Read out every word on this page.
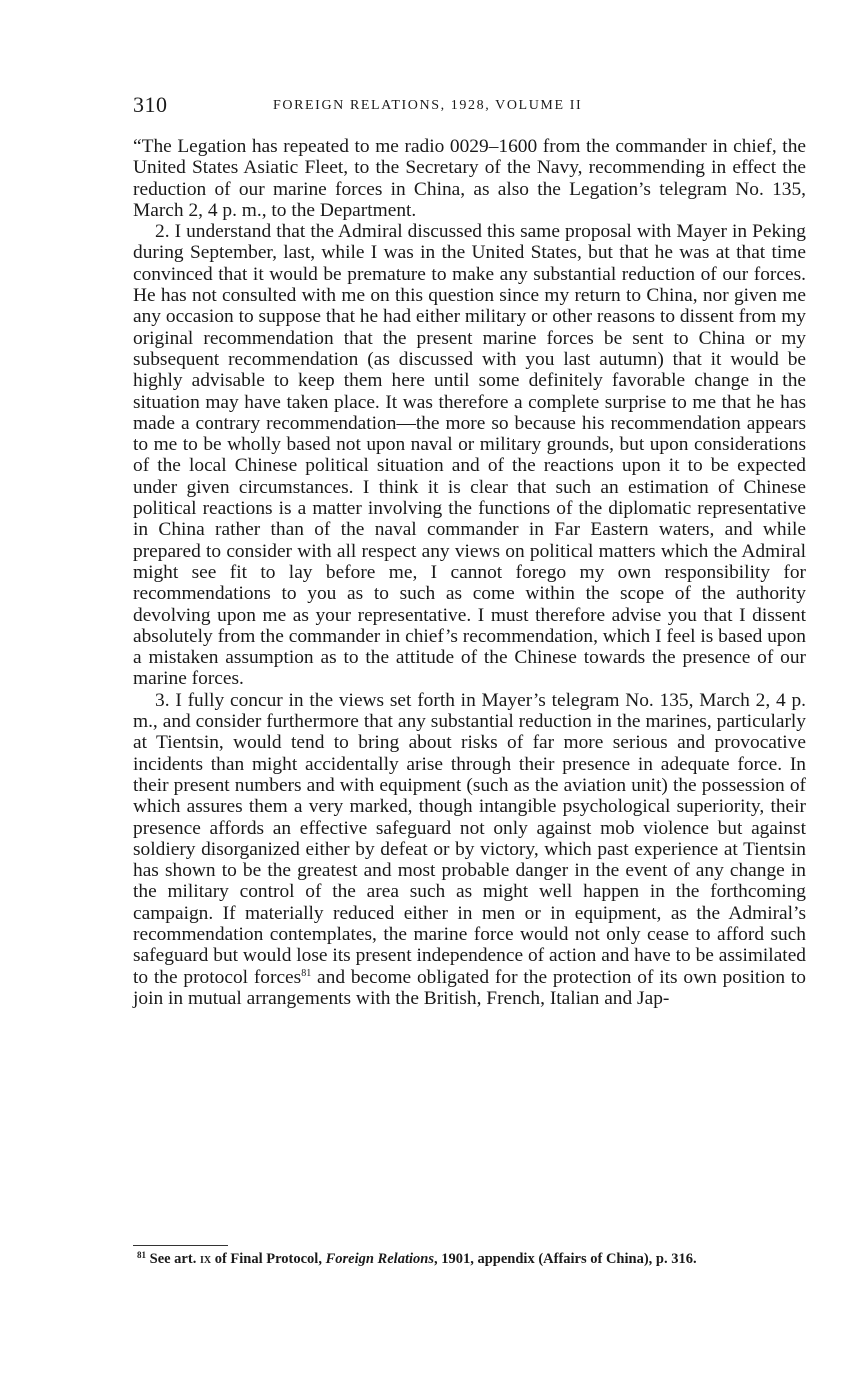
310	FOREIGN RELATIONS, 1928, VOLUME II

“The Legation has repeated to me radio 0029–1600 from the commander in chief, the United States Asiatic Fleet, to the Secretary of the Navy, recommending in effect the reduction of our marine forces in China, as also the Legation’s telegram No. 135, March 2, 4 p. m., to the Department.

2. I understand that the Admiral discussed this same proposal with Mayer in Peking during September, last, while I was in the United States, but that he was at that time convinced that it would be premature to make any substantial reduction of our forces. He has not consulted with me on this question since my return to China, nor given me any occasion to suppose that he had either military or other reasons to dissent from my original recommendation that the present marine forces be sent to China or my subsequent recommendation (as discussed with you last autumn) that it would be highly advisable to keep them here until some definitely favorable change in the situation may have taken place. It was therefore a complete surprise to me that he has made a contrary recommendation—the more so because his recommendation appears to me to be wholly based not upon naval or military grounds, but upon considerations of the local Chinese political situation and of the reactions upon it to be expected under given circumstances. I think it is clear that such an estimation of Chinese political reactions is a matter involving the functions of the diplomatic representative in China rather than of the naval commander in Far Eastern waters, and while prepared to consider with all respect any views on political matters which the Admiral might see fit to lay before me, I cannot forego my own responsibility for recommendations to you as to such as come within the scope of the authority devolving upon me as your representative. I must therefore advise you that I dissent absolutely from the commander in chief’s recommendation, which I feel is based upon a mistaken assumption as to the attitude of the Chinese towards the presence of our marine forces.

3. I fully concur in the views set forth in Mayer’s telegram No. 135, March 2, 4 p. m., and consider furthermore that any substantial reduction in the marines, particularly at Tientsin, would tend to bring about risks of far more serious and provocative incidents than might accidentally arise through their presence in adequate force. In their present numbers and with equipment (such as the aviation unit) the possession of which assures them a very marked, though intangible psychological superiority, their presence affords an effective safeguard not only against mob violence but against soldiery disorganized either by defeat or by victory, which past experience at Tientsin has shown to be the greatest and most probable danger in the event of any change in the military control of the area such as might well happen in the forthcoming campaign. If materially reduced either in men or in equipment, as the Admiral’s recommendation contemplates, the marine force would not only cease to afford such safeguard but would lose its present independence of action and have to be assimilated to the protocol forces$^{81}$ and become obligated for the protection of its own position to join in mutual arrangements with the British, French, Italian and Jap-

$^{81}$ See art. ix of Final Protocol, Foreign Relations, 1901, appendix (Affairs of China), p. 316.
